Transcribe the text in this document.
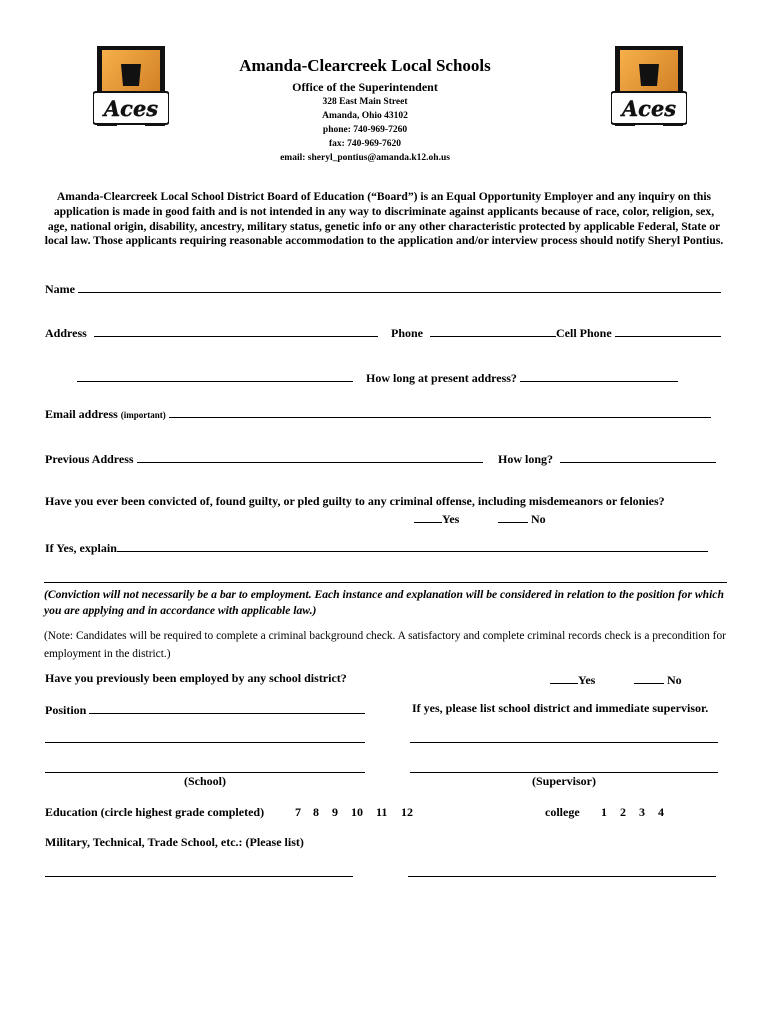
Aces	Aces
Amanda-Clearcreek Local Schools
Office of the Superintendent
328 East Main Street
Amanda, Ohio 43102
phone: 740-969-7260
fax: 740-969-7620
email: sheryl_pontius@amanda.k12.oh.us
Amanda-Clearcreek Local School District Board of Education (“Board”) is an Equal Opportunity Employer and any inquiry on this application is made in good faith and is not intended in any way to discriminate against applicants because of race, color, religion, sex, age, national origin, disability, ancestry, military status, genetic info or any other characteristic protected by applicable Federal, State or local law. Those applicants requiring reasonable accommodation to the application and/or interview process should notify Sheryl Pontius.
Name
Address	Phone	Cell Phone
How long at present address?
Email address (important)
Previous Address	How long?
Have you ever been convicted of, found guilty, or pled guilty to any criminal offense, including misdemeanors or felonies?
Yes	No
If Yes, explain
(Conviction will not necessarily be a bar to employment. Each instance and explanation will be considered in relation to the position for which you are applying and in accordance with applicable law.)
(Note: Candidates will be required to complete a criminal background check. A satisfactory and complete criminal records check is a precondition for employment in the district.)
Have you previously been employed by any school district?	Yes	No
Position	If yes, please list school district and immediate supervisor.
(School)	(Supervisor)
Education (circle highest grade completed)	7 8 9 10 11 12	college 1 2 3 4
Military, Technical, Trade School, etc.: (Please list)
